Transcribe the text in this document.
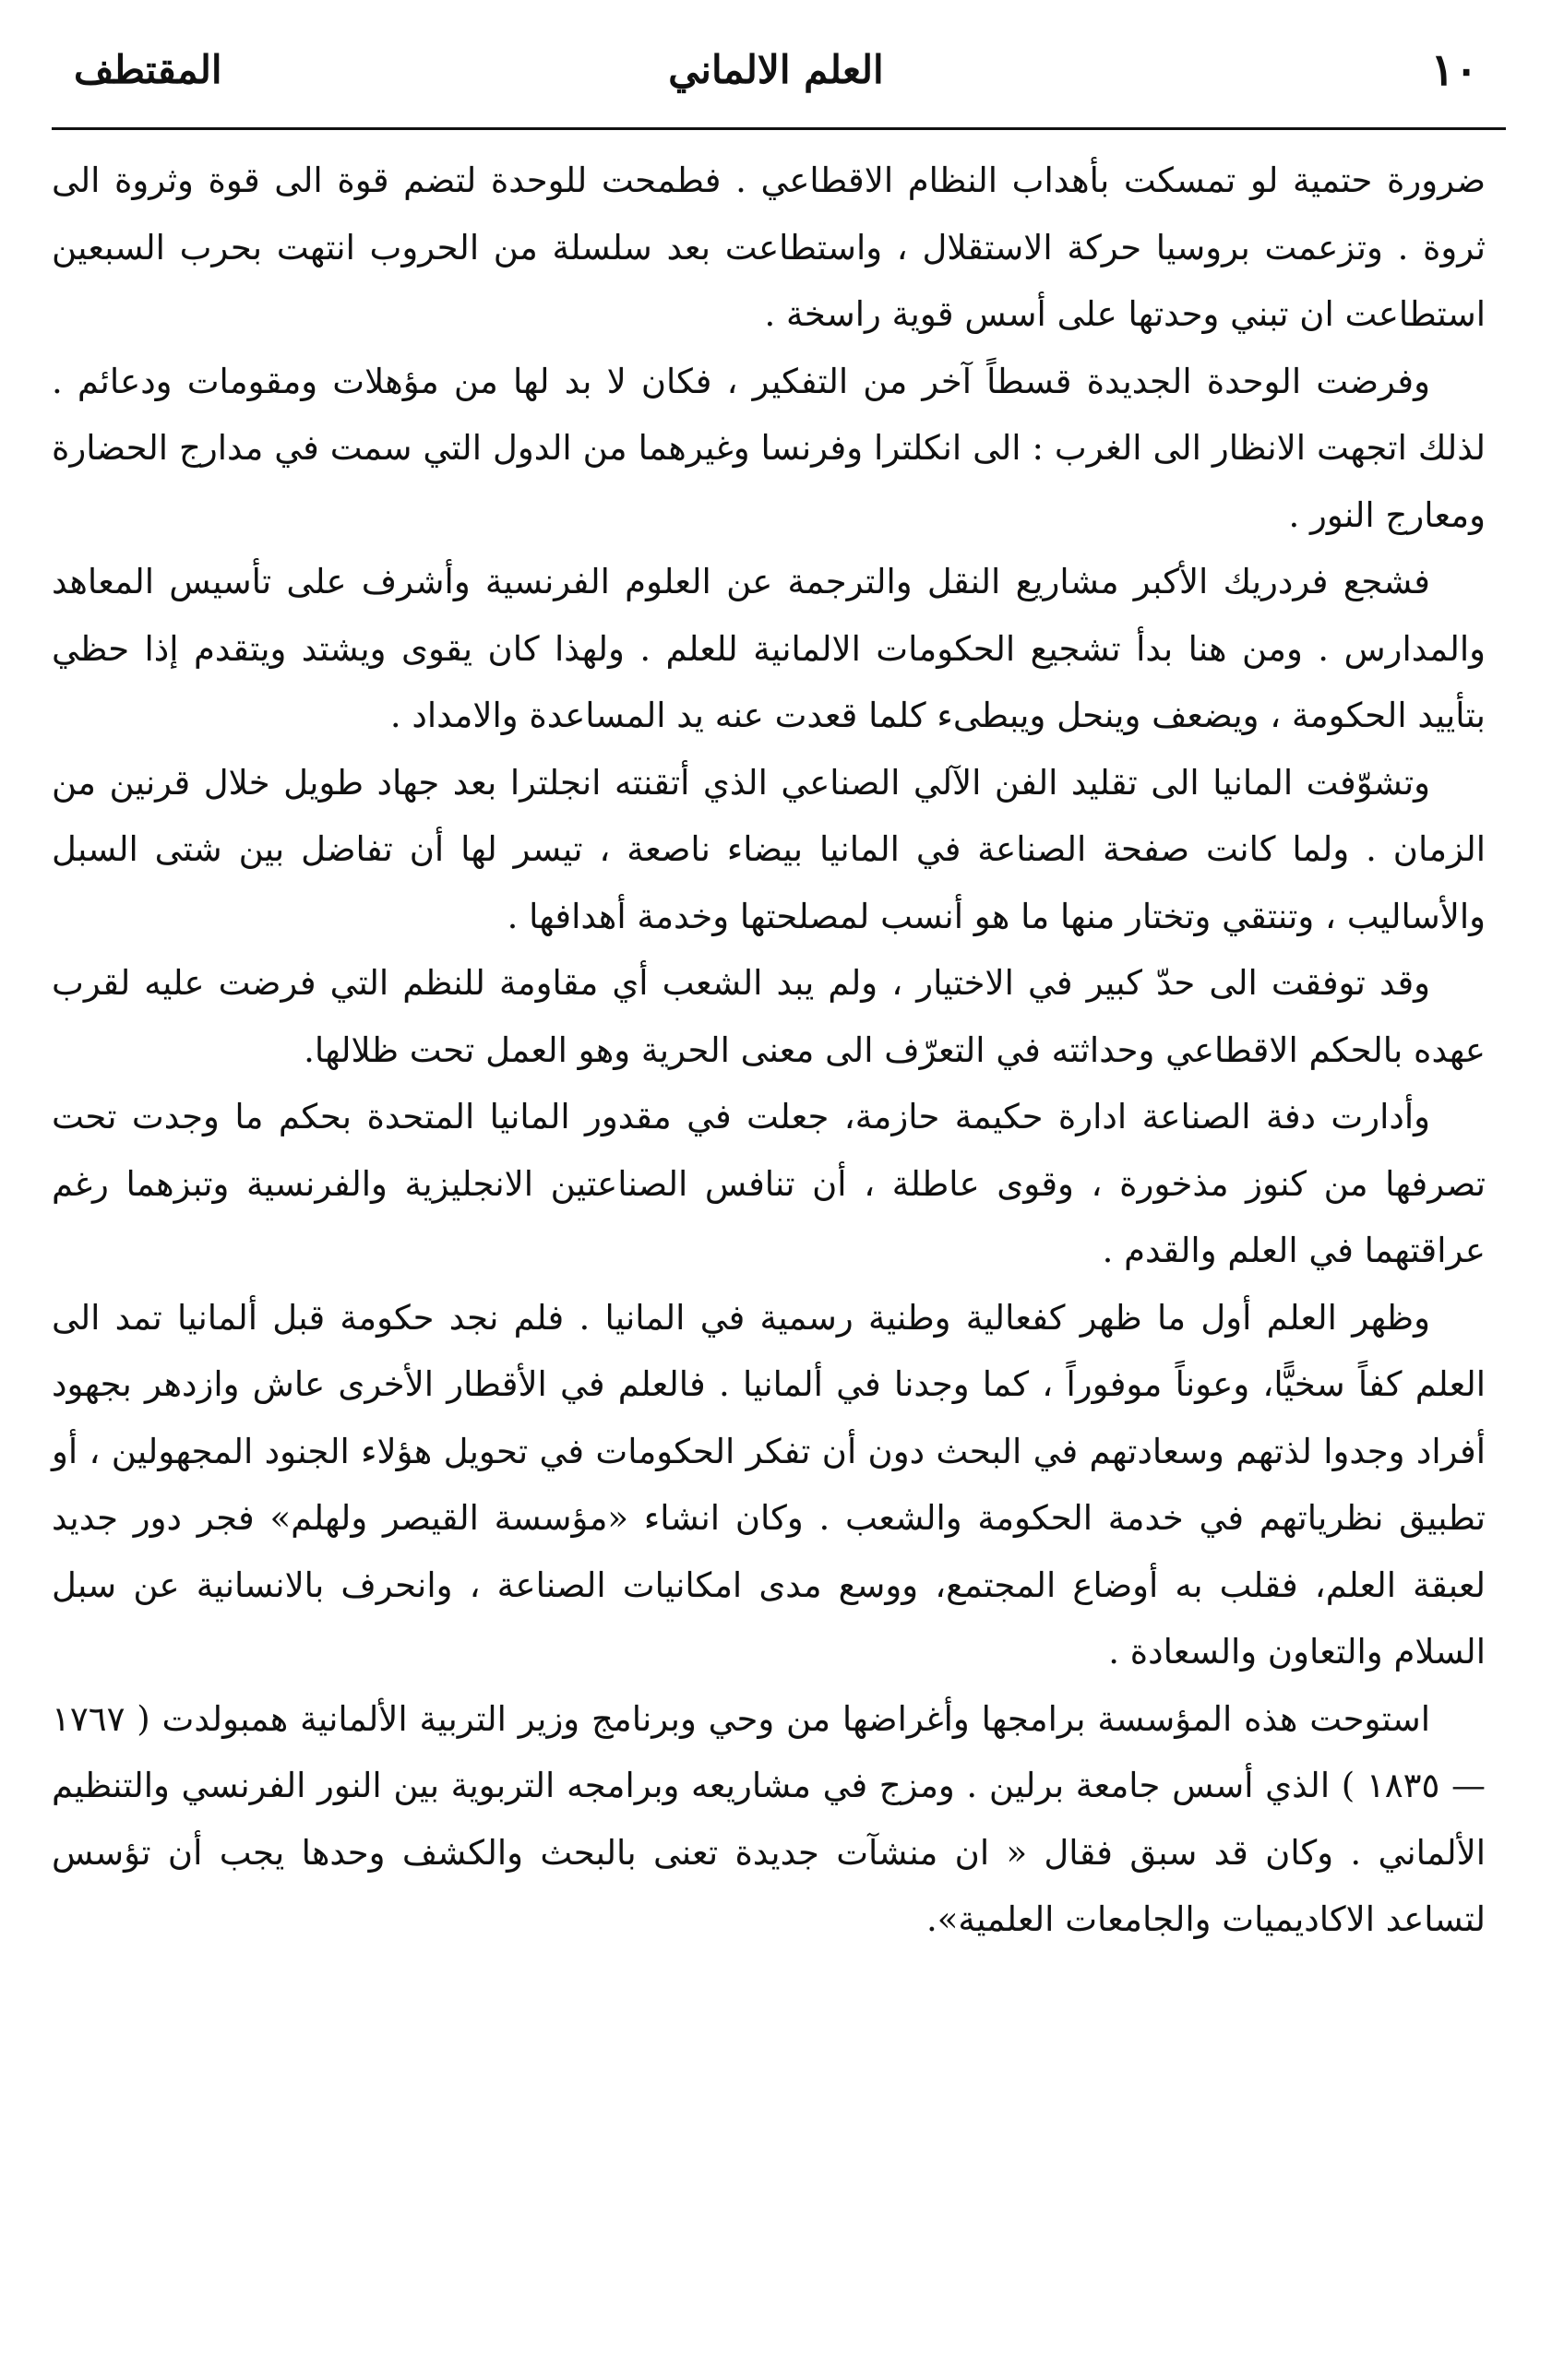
١٠
العلم الالماني
المقتطف

ضرورة حتمية لو تمسكت بأهداب النظام الاقطاعي . فطمحت للوحدة لتضم قوة الى قوة وثروة الى ثروة . وتزعمت بروسيا حركة الاستقلال ، واستطاعت بعد سلسلة من الحروب انتهت بحرب السبعين استطاعت ان تبني وحدتها على أسس قوية راسخة .

وفرضت الوحدة الجديدة قسطاً آخر من التفكير ، فكان لا بد لها من مؤهلات ومقومات ودعائم . لذلك اتجهت الانظار الى الغرب : الى انكلترا وفرنسا وغيرهما من الدول التي سمت في مدارج الحضارة ومعارج النور .

فشجع فردريك الأكبر مشاريع النقل والترجمة عن العلوم الفرنسية وأشرف على تأسيس المعاهد والمدارس . ومن هنا بدأ تشجيع الحكومات الالمانية للعلم . ولهذا كان يقوى ويشتد ويتقدم إذا حظي بتأييد الحكومة ، ويضعف وينحل ويبطىء كلما قعدت عنه يد المساعدة والامداد .

وتشوّفت المانيا الى تقليد الفن الآلي الصناعي الذي أتقنته انجلترا بعد جهاد طويل خلال قرنين من الزمان . ولما كانت صفحة الصناعة في المانيا بيضاء ناصعة ، تيسر لها أن تفاضل بين شتى السبل والأساليب ، وتنتقي وتختار منها ما هو أنسب لمصلحتها وخدمة أهدافها .

وقد توفقت الى حدّ كبير في الاختيار ، ولم يبد الشعب أي مقاومة للنظم التي فرضت عليه لقرب عهده بالحكم الاقطاعي وحداثته في التعرّف الى معنى الحرية وهو العمل تحت ظلالها.

وأدارت دفة الصناعة ادارة حكيمة حازمة، جعلت في مقدور المانيا المتحدة بحكم ما وجدت تحت تصرفها من كنوز مذخورة ، وقوى عاطلة ، أن تنافس الصناعتين الانجليزية والفرنسية وتبزهما رغم عراقتهما في العلم والقدم .

وظهر العلم أول ما ظهر كفعالية وطنية رسمية في المانيا . فلم نجد حكومة قبل ألمانيا تمد الى العلم كفاً سخيًّا، وعوناً موفوراً ، كما وجدنا في ألمانيا . فالعلم في الأقطار الأخرى عاش وازدهر بجهود أفراد وجدوا لذتهم وسعادتهم في البحث دون أن تفكر الحكومات في تحويل هؤلاء الجنود المجهولين ، أو تطبيق نظرياتهم في خدمة الحكومة والشعب . وكان انشاء «مؤسسة القيصر ولهلم» فجر دور جديد لعبقة العلم، فقلب به أوضاع المجتمع، ووسع مدى امكانيات الصناعة ، وانحرف بالانسانية عن سبل السلام والتعاون والسعادة .

استوحت هذه المؤسسة برامجها وأغراضها من وحي وبرنامج وزير التربية الألمانية همبولدت ( ١٧٦٧ — ١٨٣٥ ) الذي أسس جامعة برلين . ومزج في مشاريعه وبرامجه التربوية بين النور الفرنسي والتنظيم الألماني . وكان قد سبق فقال « ان منشآت جديدة تعنى بالبحث والكشف وحدها يجب أن تؤسس لتساعد الاكاديميات والجامعات العلمية».
